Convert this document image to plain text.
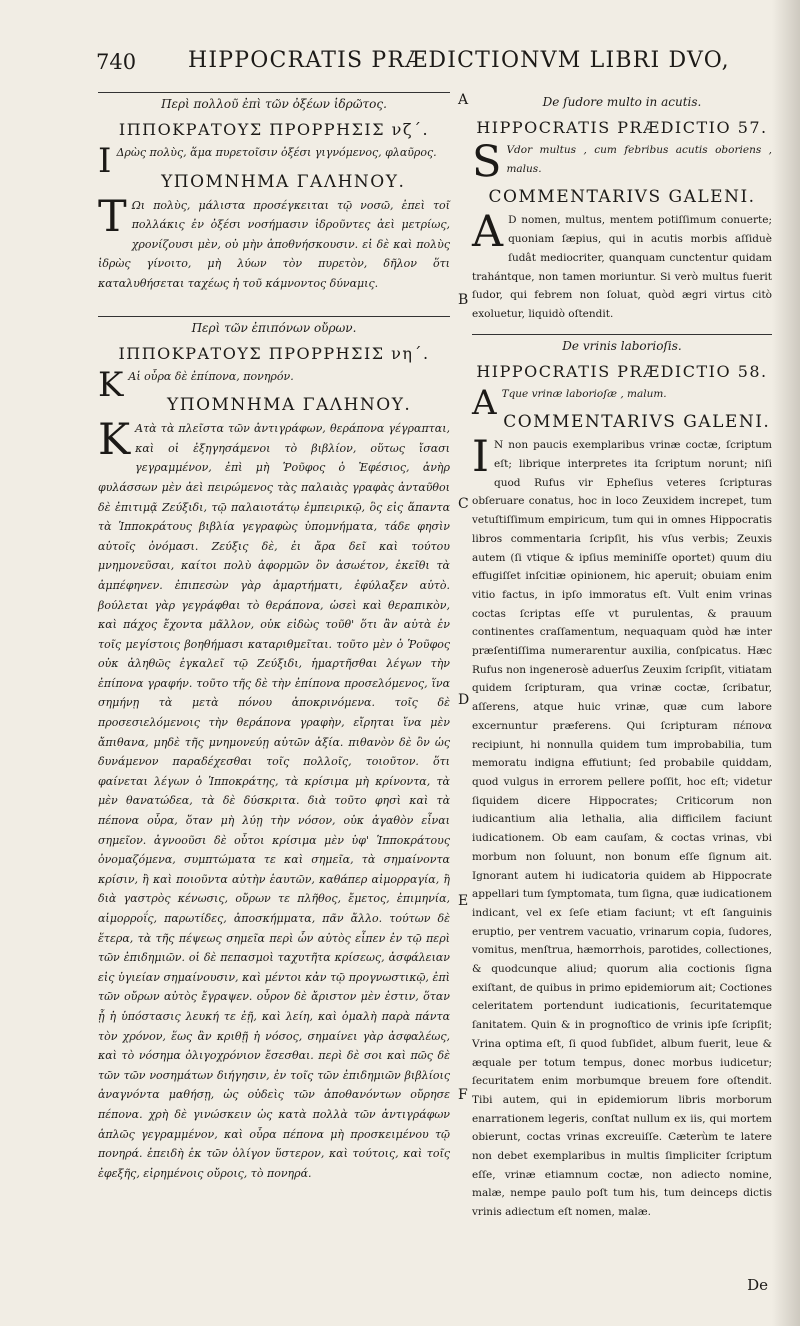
740 HIPPOCRATIS PRÆDICTIONVM LIBRI DVO,
Περὶ πολλοῦ ἐπὶ τῶν ὀξέων ἱδρῶτος.
ΙΠΠΟΚΡΑΤΟΥΣ ΠΡΟΡΡΗΣΙΣ νζ΄.
Ι Δρὼς πολὺς, ἅμα πυρετοῖσιν ὀξέσι γιγνόμενος, φλαῦρος.
ΥΠΟΜΝΗΜΑ ΓΑΛΗΝΟΥ.
Τ Ωι πολὺς, μάλιστα προσέγκειται τῷ νοσῶ, ἐπεὶ τοῖ πολλάκις ἐν ὀξέσι νοσήμασιν ἱδροῦντες ἀεὶ μετρίως, χρονίζουσι μὲν, οὐ μὴν ἀποθνήσκουσιν. εἰ δὲ καὶ πολὺς ἱδρὼς γίνοιτο, μὴ λύων τὸν πυρετὸν, δῆλον ὅτι καταλυθήσεται ταχέως ἡ τοῦ κάμνοντος δύναμις.
Περὶ τῶν ἐπιπόνων οὔρων.
ΙΠΠΟΚΡΑΤΟΥΣ ΠΡΟΡΡΗΣΙΣ νη΄.
Κ Αἱ οὖρα δὲ ἐπίπονα, πονηρόν.
ΥΠΟΜΝΗΜΑ ΓΑΛΗΝΟΥ.
Κ Ατὰ τὰ πλεῖστα τῶν ἀντιγράφων, θεράπονα γέγραπται, καὶ οἱ ἐξηγησάμενοι τὸ βιβλίον, οὕτως ἴσασι γεγραμμένον, ἐπὶ μὴ Ῥοῦφος ὁ Ἐφέσιος, ἀνὴρ φυλάσσων μὲν ἀεὶ πειρώμενος τὰς παλαιὰς γραφὰς ἀνταῦθοι δὲ ἐπιτιμᾷ Ζεύξιδι, τῷ παλαιοτάτῳ ἐμπειρικῷ, ὃς εἰς ἅπαντα τὰ Ἱπποκράτους βιβλία γεγραφὼς ὑπομνήματα, τάδε φησὶν αὐτοῖς ὀνόμασι. Ζεύξις δὲ, ἐι ἄρα δεῖ καὶ τούτου μνημονεῦσαι, καίτοι πολὺ ἀφορμῶν ὂν ἀσωέτον, ἐκεῖθι τὰ ἀμπέφηνεν. ἐπιπεσὼν γὰρ ἀμαρτήματι, ἐφύλαξεν αὐτὸ. βούλεται γὰρ γεγράφθαι τὸ θεράπονα, ὡσεὶ καὶ θεραπικὸν, καὶ πάχος ἔχοντα μᾶλλον, οὐκ εἰδὼς τοῦθ' ὅτι ἂν αὐτὰ ἐν τοῖς μεγίστοις βοηθήμασι καταριθμεῖται. τοῦτο μὲν ὁ Ῥοῦφος οὐκ ἀληθῶς ἐγκαλεῖ τῷ Ζεύξιδι, ἡμαρτῆσθαι λέγων τὴν ἐπίπονα γραφήν. τοῦτο τῆς δὲ τὴν ἐπίπονα προσελόμενος, ἵνα σημήνῃ τὰ μετὰ πόνου ἀποκρινόμενα. τοῖς δὲ προσεσιελόμενοις τὴν θεράπονα γραφὴν, εἴρηται ἵνα μὲν ἄπιθανα, μηδὲ τῆς μνημονεύῃ αὐτῶν ἀξία. πιθανὸν δὲ ὂν ὡς δυνάμενον παραδέχεσθαι τοῖς πολλοῖς, τοιοῦτον. ὅτι φαίνεται λέγων ὁ Ἱπποκράτης, τὰ κρίσιμα μὴ κρίνοντα, τὰ μὲν θανατώδεα, τὰ δὲ δύσκριτα. διὰ τοῦτο φησὶ καὶ τὰ πέπονα οὖρα, ὅταν μὴ λύῃ τὴν νόσον, οὐκ ἀγαθὸν εἶναι σημεῖον. ἀγνοοῦσι δὲ οὗτοι κρίσιμα μὲν ὑφ' Ἱπποκράτους ὀνομαζόμενα, συμπτώματα τε καὶ σημεῖα, τὰ σημαίνοντα κρίσιν, ἢ καὶ ποιοῦντα αὐτὴν ἑαυτῶν, καθάπερ αἱμορραγία, ἢ διὰ γαστρὸς κένωσις, οὔρων τε πλῆθος, ἔμετος, ἐπιμηνία, αἱμορροΐς, παρωτίδες, ἀποσκήμματα, πᾶν ἄλλο. τούτων δὲ ἕτερα, τὰ τῆς πέψεως σημεῖα περὶ ὧν αὐτὸς εἶπεν ἐν τῷ περὶ τῶν ἐπιδημιῶν. οἱ δὲ πεπασμοὶ ταχυτῆτα κρίσεως, ἀσφάλειαν εἰς ὑγιείαν σημαίνουσιν, καὶ μέντοι κἀν τῷ προγνωστικῷ, ἐπὶ τῶν οὔρων αὐτὸς ἔγραψεν. οὖρον δὲ ἄριστον μὲν ἐστιν, ὅταν ᾖ ἡ ὑπόστασις λευκή τε ἐῇ, καὶ λείη, καὶ ὁμαλὴ παρὰ πάντα τὸν χρόνον, ἕως ἂν κριθῇ ἡ νόσος, σημαίνει γὰρ ἀσφαλέως, καὶ τὸ νόσημα ὀλιγοχρόνιον ἔσεσθαι. περὶ δὲ σοι καὶ πῶς δὲ τῶν τῶν νοσημάτων διήγησιν, ἐν τοῖς τῶν ἐπιδημιῶν βιβλίοις ἀναγνόντα μαθήσῃ, ὡς οὐδεὶς τῶν ἀποθανόντων οὔρησε πέπονα. χρὴ δὲ γινώσκειν ὡς κατὰ πολλὰ τῶν ἀντιγράφων ἁπλῶς γεγραμμένον, καὶ οὖρα πέπονα μὴ προσκειμένου τῷ πονηρά. ἐπειδὴ ἐκ τῶν ὀλίγον ὕστερον, καὶ τούτοις, καὶ τοῖς ἐφεξῆς, εἰρημένοις οὔροις, τὸ πονηρά.
A
B
C
D
E
F
De ſudore multo in acutis.
HIPPOCRATIS PRÆDICTIO 57.
S Vdor multus , cum febribus acutis oboriens , malus.
COMMENTARIVS GALENI.
A D nomen, multus, mentem potiſſimum conuerte; quoniam ſæpius, qui in acutis morbis aſſiduè ſudât mediocriter, quanquam cunctentur quidam trahántque, non tamen moriuntur. Si verò multus fuerit ſudor, qui febrem non ſoluat, quòd ægri virtus citò exoluetur, liquidò oſtendit.
De vrinis laborioſis.
HIPPOCRATIS PRÆDICTIO 58.
A Tque vrinæ laborioſæ , malum.
COMMENTARIVS GALENI.
I N non paucis exemplaribus vrinæ coctæ, ſcriptum eſt; librique interpretes ita ſcriptum norunt; niſi quod Rufus vir Epheſius veteres ſcripturas obſeruare conatus, hoc in loco Zeuxidem increpet, tum vetuſtiſſimum empiricum, tum qui in omnes Hippocratis libros commentaria ſcripſit, his vſus verbis; Zeuxis autem (ſi vtique & ipſius meminiſſe oportet) quum diu effugiſſet inſcitiæ opinionem, hic aperuit; obuiam enim vitio factus, in ipſo immoratus eſt. Vult enim vrinas coctas ſcriptas eſſe vt purulentas, & prauum continentes craſſamentum, nequaquam quòd hæ inter præſentiſſima numerarentur auxilia, conſpicatus. Hæc Rufus non ingenerosè aduerſus Zeuxim ſcripſit, vitiatam quidem ſcripturam, qua vrinæ coctæ, ſcribatur, aſſerens, atque huic vrinæ, quæ cum labore excernuntur præferens. Qui ſcripturam πέπονα recipiunt, hi nonnulla quidem tum improbabilia, tum memoratu indigna effutiunt; ſed probabile quiddam, quod vulgus in errorem pellere poſſit, hoc eſt; videtur ſiquidem dicere Hippocrates; Criticorum non iudicantium alia lethalia, alia difficilem faciunt iudicationem. Ob eam cauſam, & coctas vrinas, vbi morbum non ſoluunt, non bonum eſſe ſignum ait. Ignorant autem hi iudicatoria quidem ab Hippocrate appellari tum ſymptomata, tum ſigna, quæ iudicationem indicant, vel ex ſeſe etiam faciunt; vt eſt ſanguinis eruptio, per ventrem vacuatio, vrinarum copia, ſudores, vomitus, menſtrua, hæmorrhois, parotides, collectiones, & quodcunque aliud; quorum alia coctionis ſigna exiſtant, de quibus in primo epidemiorum ait; Coctiones celeritatem portendunt iudicationis, ſecuritatemque ſanitatem. Quin & in prognoſtico de vrinis ipſe ſcripſit; Vrina optima eſt, ſi quod ſubſidet, album fuerit, leue & æquale per totum tempus, donec morbus iudicetur; ſecuritatem enim morbumque breuem fore oſtendit. Tibi autem, qui in epidemiorum libris morborum enarrationem legeris, conſtat nullum ex iis, qui mortem obierunt, coctas vrinas excreuiſſe. Cæterùm te latere non debet exemplaribus in multis ſimpliciter ſcriptum eſſe, vrinæ etiamnum coctæ, non adiecto nomine, malæ, nempe paulo poſt tum his, tum deinceps dictis vrinis adiectum eſt nomen, malæ.
De
